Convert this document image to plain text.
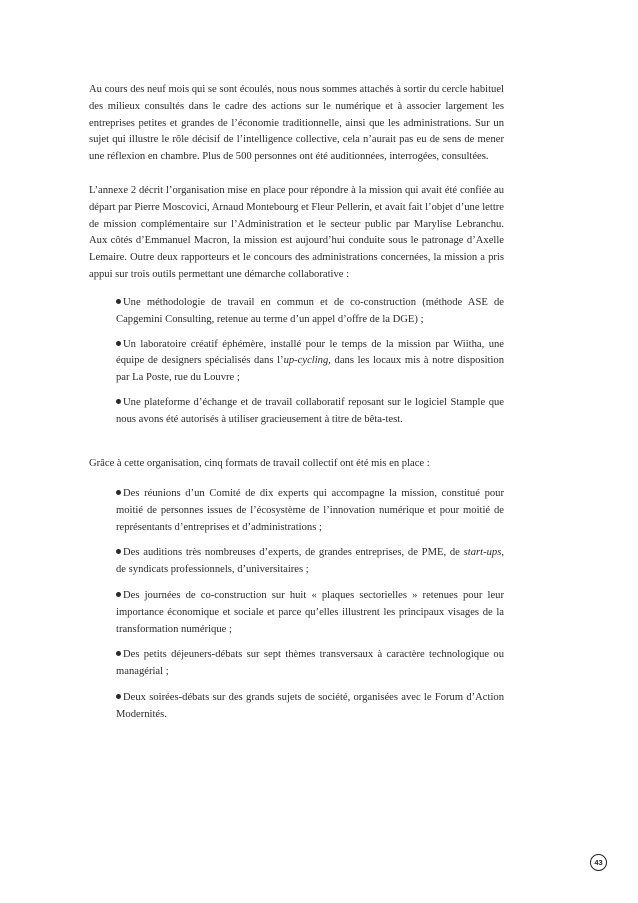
Au cours des neuf mois qui se sont écoulés, nous nous sommes attachés à sortir du cercle habituel des milieux consultés dans le cadre des actions sur le numérique et à associer largement les entreprises petites et grandes de l’économie traditionnelle, ainsi que les administrations. Sur un sujet qui illustre le rôle décisif de l’intelligence collective, cela n’aurait pas eu de sens de mener une réflexion en chambre. Plus de 500 personnes ont été auditionnées, interrogées, consultées.

L’annexe 2 décrit l’organisation mise en place pour répondre à la mission qui avait été confiée au départ par Pierre Moscovici, Arnaud Montebourg et Fleur Pellerin, et avait fait l’objet d’une lettre de mission complémentaire sur l’Administration et le secteur public par Marylise Lebranchu. Aux côtés d’Emmanuel Macron, la mission est aujourd’hui conduite sous le patronage d’Axelle Lemaire. Outre deux rapporteurs et le concours des administrations concernées, la mission a pris appui sur trois outils permettant une démarche collaborative :

Une méthodologie de travail en commun et de co-construction (méthode ASE de Capgemini Consulting, retenue au terme d’un appel d’offre de la DGE) ;
Un laboratoire créatif éphémère, installé pour le temps de la mission par Wiitha, une équipe de designers spécialisés dans l’up-cycling, dans les locaux mis à notre disposition par La Poste, rue du Louvre ;
Une plateforme d’échange et de travail collaboratif reposant sur le logiciel Stample que nous avons été autorisés à utiliser gracieusement à titre de bêta-test.

Grâce à cette organisation, cinq formats de travail collectif ont été mis en place :

Des réunions d’un Comité de dix experts qui accompagne la mission, constitué pour moitié de personnes issues de l’écosystème de l’innovation numérique et pour moitié de représentants d’entreprises et d’administrations ;
Des auditions très nombreuses d’experts, de grandes entreprises, de PME, de start-ups, de syndicats professionnels, d’universitaires ;
Des journées de co-construction sur huit « plaques sectorielles » retenues pour leur importance économique et sociale et parce qu’elles illustrent les principaux visages de la transformation numérique ;
Des petits déjeuners-débats sur sept thèmes transversaux à caractère technologique ou managérial ;
Deux soirées-débats sur des grands sujets de société, organisées avec le Forum d’Action Modernités.
43
